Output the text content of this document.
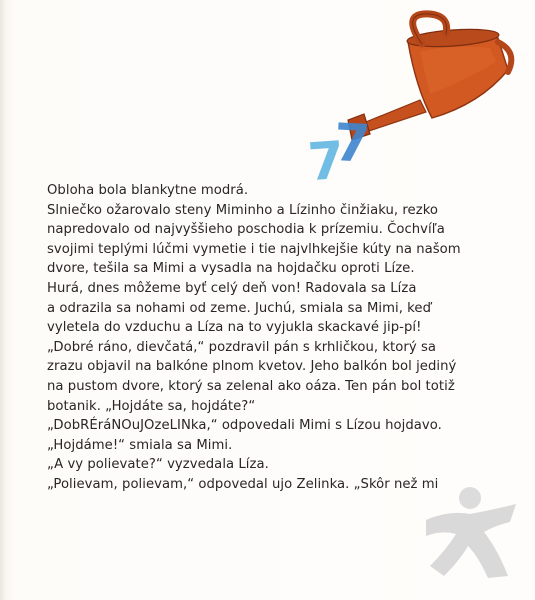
7
7
Obloha bola blankytne modrá.
Slniečko ožarovalo steny Miminho a Lízinho činžiaku, rezko
napredovalo od najvyššieho poschodia k prízemiu. Čochvíľa
svojimi teplými lúčmi vymetie i tie najvlhkejšie kúty na našom
dvore, tešila sa Mimi a vysadla na hojdačku oproti Líze.
Hurá, dnes môžeme byť celý deň von! Radovala sa Líza
a odrazila sa nohami od zeme. Juchú, smiala sa Mimi, keď
vyletela do vzduchu a Líza na to vyjukla skackavé jip-pí!
„Dobré ráno, dievčatá,“ pozdravil pán s krhličkou, ktorý sa
zrazu objavil na balkóne plnom kvetov. Jeho balkón bol jediný
na pustom dvore, ktorý sa zelenal ako oáza. Ten pán bol totiž
botanik. „Hojdáte sa, hojdáte?“
„DobRÉráNOuJOzeLINka,“ odpovedali Mimi s Lízou hojdavo.
„Hojdáme!“ smiala sa Mimi.
„A vy polievate?“ vyzvedala Líza.
„Polievam, polievam,“ odpovedal ujo Zelinka. „Skôr než mi
